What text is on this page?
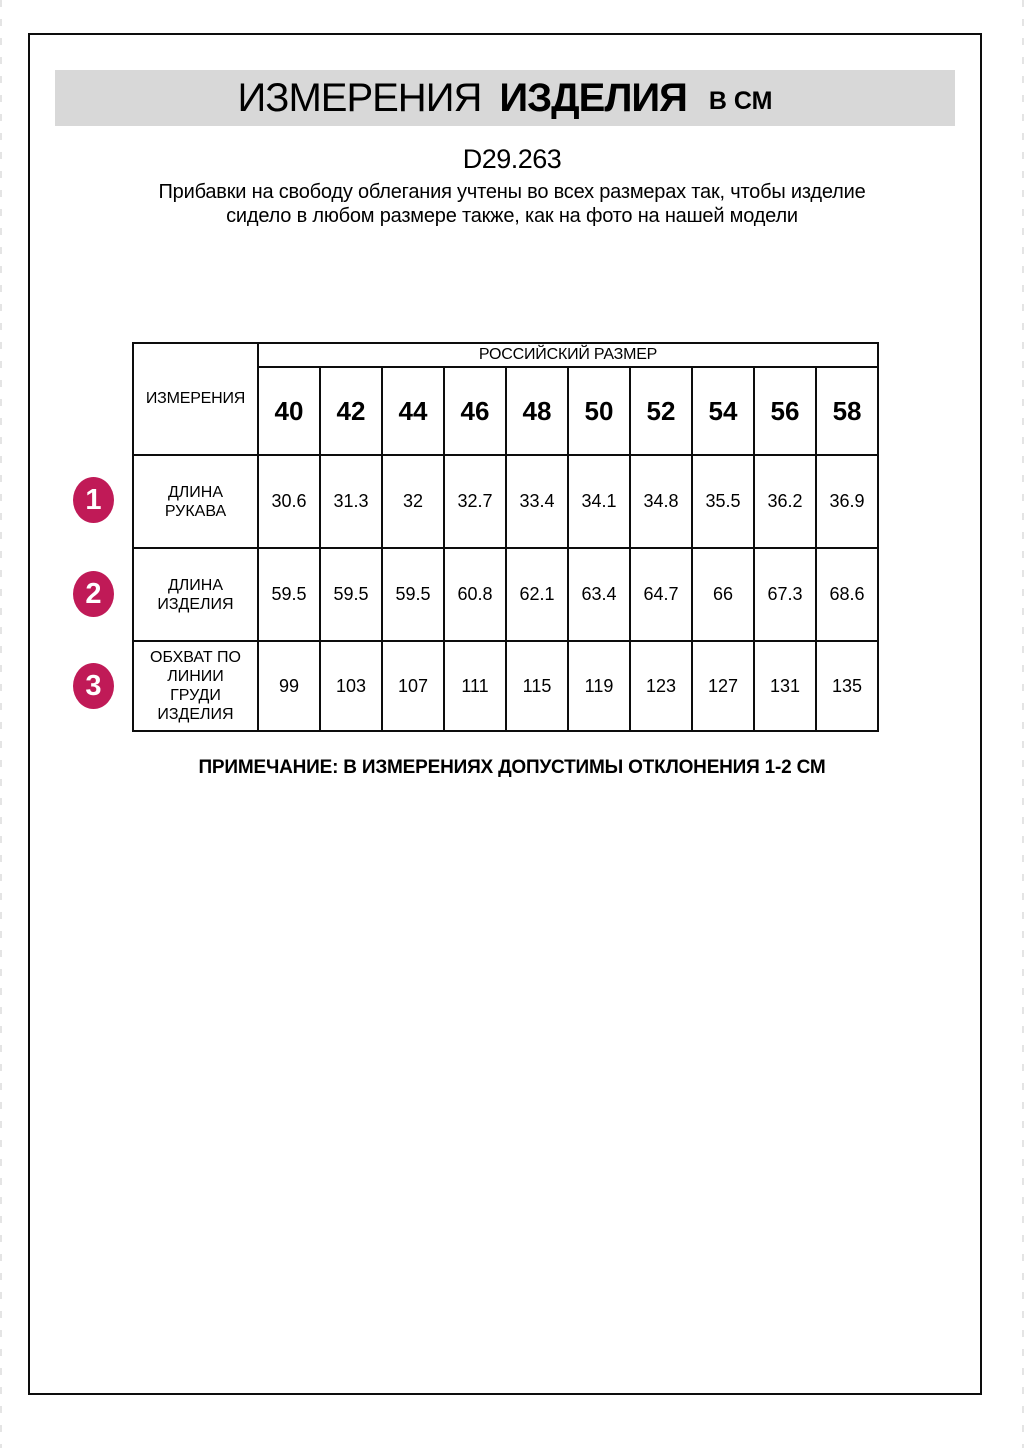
ИЗМЕРЕНИЯ ИЗДЕЛИЯ В СМ
D29.263
Прибавки на свободу облегания учтены во всех размерах так, чтобы изделие сидело в любом размере также, как на фото на нашей модели
ИЗМЕРЕНИЯ	РОССИЙСКИЙ РАЗМЕР									
	40	42	44	46	48	50	52	54	56	58
ДЛИНА РУКАВА	30.6	31.3	32	32.7	33.4	34.1	34.8	35.5	36.2	36.9
ДЛИНА ИЗДЕЛИЯ	59.5	59.5	59.5	60.8	62.1	63.4	64.7	66	67.3	68.6
ОБХВАТ ПО ЛИНИИ ГРУДИ ИЗДЕЛИЯ	99	103	107	111	115	119	123	127	131	135
1
2
3
ПРИМЕЧАНИЕ: В ИЗМЕРЕНИЯХ ДОПУСТИМЫ ОТКЛОНЕНИЯ 1-2 СМ
